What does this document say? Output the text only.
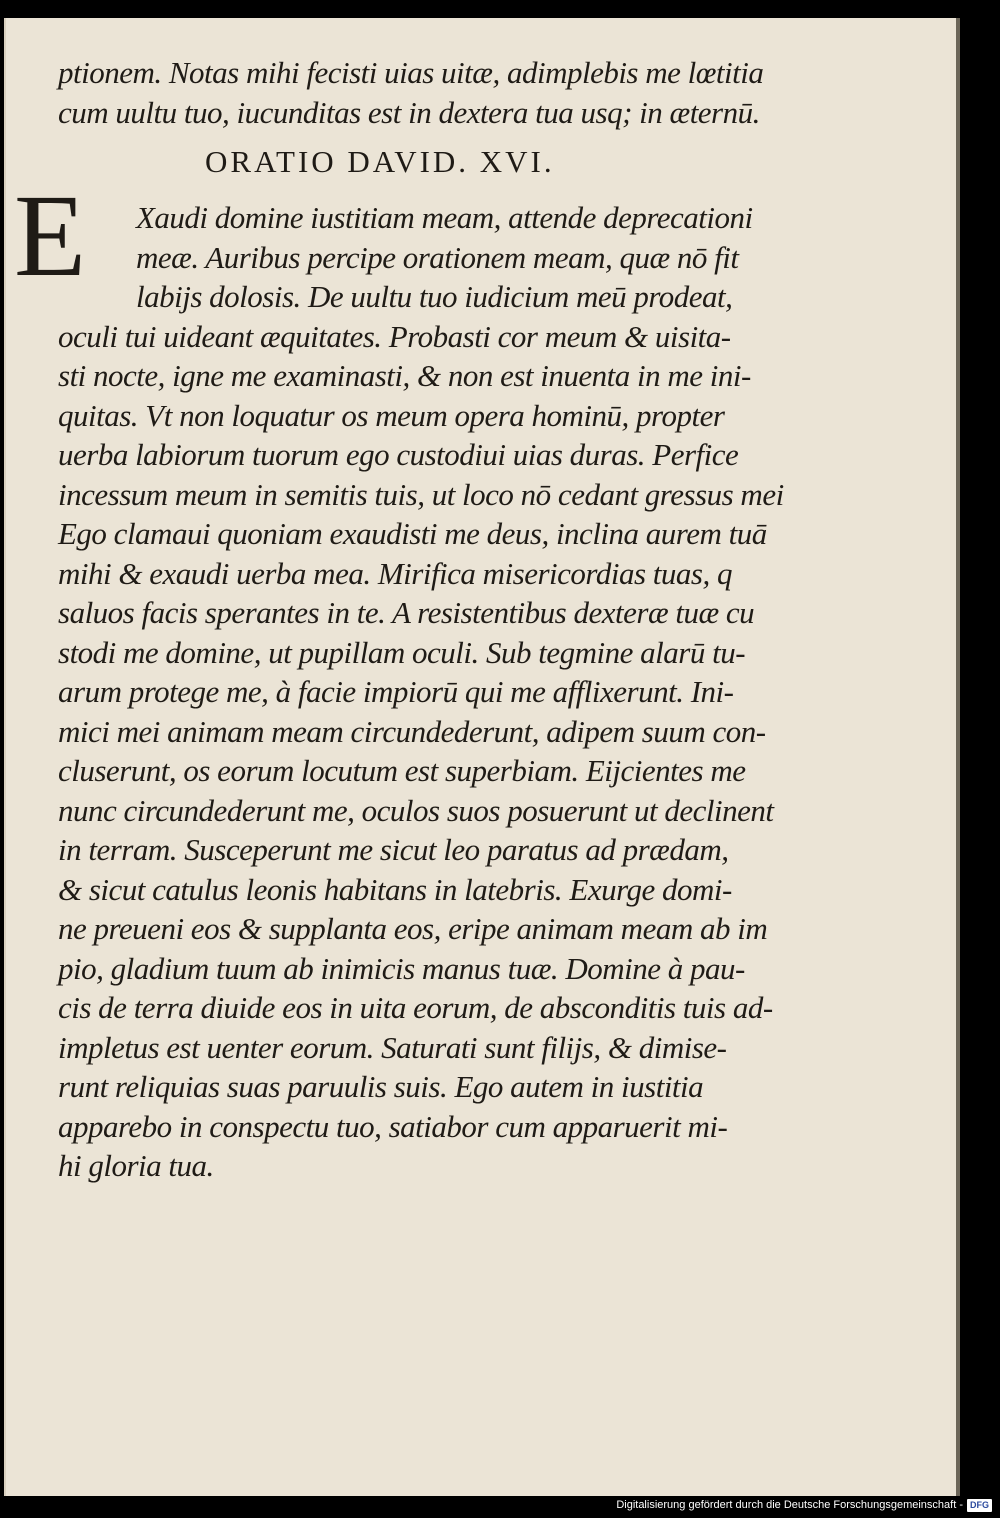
ptionem. Notas mihi fecisti uias uitæ, adimplebis me lœtitia
cum uultu tuo, iucunditas est in dextera tua usq; in æternū.
ORATIO DAVID. XVI.
Xaudi domine iustitiam meam, attende deprecationi
meæ. Auribus percipe orationem meam, quæ nō fit
labijs dolosis. De uultu tuo iudicium meū prodeat,
oculi tui uideant æquitates. Probasti cor meum & uisita-
sti nocte, igne me examinasti, & non est inuenta in me ini-
quitas. Vt non loquatur os meum opera hominū, propter
uerba labiorum tuorum ego custodiui uias duras. Perfice
incessum meum in semitis tuis, ut loco nō cedant gressus mei
Ego clamaui quoniam exaudisti me deus, inclina aurem tuā
mihi & exaudi uerba mea. Mirifica misericordias tuas, q
saluos facis sperantes in te. A resistentibus dexteræ tuæ cu
stodi me domine, ut pupillam oculi. Sub tegmine alarū tu-
arum protege me, à facie impiorū qui me afflixerunt. Ini-
mici mei animam meam circundederunt, adipem suum con-
cluserunt, os eorum locutum est superbiam. Eijcientes me
nunc circundederunt me, oculos suos posuerunt ut declinent
in terram. Susceperunt me sicut leo paratus ad prædam,
& sicut catulus leonis habitans in latebris. Exurge domi-
ne preueni eos & supplanta eos, eripe animam meam ab im
pio, gladium tuum ab inimicis manus tuæ. Domine à pau-
cis de terra diuide eos in uita eorum, de absconditis tuis ad-
impletus est uenter eorum. Saturati sunt filijs, & dimise-
runt reliquias suas paruulis suis. Ego autem in iustitia
apparebo in conspectu tuo, satiabor cum apparuerit mi-
hi gloria tua.
E
Digitalisierung gefördert durch die Deutsche Forschungsgemeinschaft - DFG
